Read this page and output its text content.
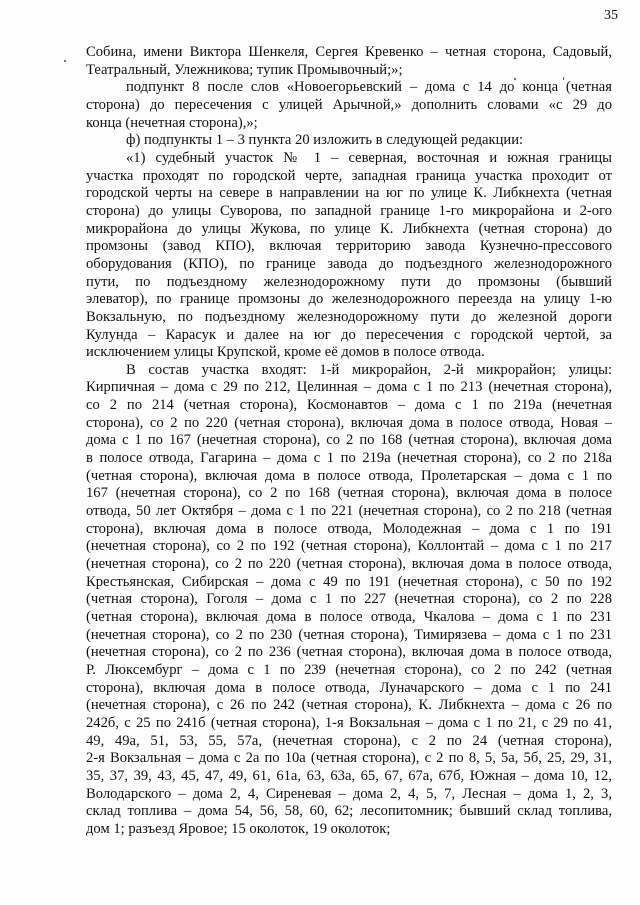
35
Собина, имени Виктора Шенкеля, Сергея Кревенко – четная сторона, Садовый,
Театральный, Улежникова; тупик Промывочный;»;
подпункт 8 после слов «Новоегорьевский – дома с 14 до конца (четная
сторона) до пересечения с улицей Арычной,» дополнить словами «с 29 до
конца (нечетная сторона),»;
ф) подпункты 1 – 3 пункта 20 изложить в следующей редакции:
«1) судебный участок № 1 – северная, восточная и южная границы
участка проходят по городской черте, западная граница участка проходит от
городской черты на севере в направлении на юг по улице К. Либкнехта (четная
сторона) до улицы Суворова, по западной границе 1-го микрорайона и 2-ого
микрорайона до улицы Жукова, по улице К. Либкнехта (четная сторона) до
промзоны (завод КПО), включая территорию завода Кузнечно-прессового
оборудования (КПО), по границе завода до подъездного железнодорожного
пути, по подъездному железнодорожному пути до промзоны (бывший
элеватор), по границе промзоны до железнодорожного переезда на улицу 1-ю
Вокзальную, по подъездному железнодорожному пути до железной дороги
Кулунда – Карасук и далее на юг до пересечения с городской чертой, за
исключением улицы Крупской, кроме её домов в полосе отвода.
В состав участка входят: 1-й микрорайон, 2-й микрорайон; улицы:
Кирпичная – дома с 29 по 212, Целинная – дома с 1 по 213 (нечетная сторона),
со 2 по 214 (четная сторона), Космонавтов – дома с 1 по 219а (нечетная
сторона), со 2 по 220 (четная сторона), включая дома в полосе отвода, Новая –
дома с 1 по 167 (нечетная сторона), со 2 по 168 (четная сторона), включая дома
в полосе отвода, Гагарина – дома с 1 по 219а (нечетная сторона), со 2 по 218а
(четная сторона), включая дома в полосе отвода, Пролетарская – дома с 1 по
167 (нечетная сторона), со 2 по 168 (четная сторона), включая дома в полосе
отвода, 50 лет Октября – дома с 1 по 221 (нечетная сторона), со 2 по 218 (четная
сторона), включая дома в полосе отвода, Молодежная – дома с 1 по 191
(нечетная сторона), со 2 по 192 (четная сторона), Коллонтай – дома с 1 по 217
(нечетная сторона), со 2 по 220 (четная сторона), включая дома в полосе отвода,
Крестьянская, Сибирская – дома с 49 по 191 (нечетная сторона), с 50 по 192
(четная сторона), Гоголя – дома с 1 по 227 (нечетная сторона), со 2 по 228
(четная сторона), включая дома в полосе отвода, Чкалова – дома с 1 по 231
(нечетная сторона), со 2 по 230 (четная сторона), Тимирязева – дома с 1 по 231
(нечетная сторона), со 2 по 236 (четная сторона), включая дома в полосе отвода,
Р. Люксембург – дома с 1 по 239 (нечетная сторона), со 2 по 242 (четная
сторона), включая дома в полосе отвода, Луначарского – дома с 1 по 241
(нечетная сторона), с 26 по 242 (четная сторона), К. Либкнехта – дома с 26 по
242б, с 25 по 241б (четная сторона), 1-я Вокзальная – дома с 1 по 21, с 29 по 41,
49, 49а, 51, 53, 55, 57а, (нечетная сторона), с 2 по 24 (четная сторона),
2-я Вокзальная – дома с 2а по 10а (четная сторона), с 2 по 8, 5, 5а, 5б, 25, 29, 31,
35, 37, 39, 43, 45, 47, 49, 61, 61а, 63, 63а, 65, 67, 67а, 67б, Южная – дома 10, 12,
Володарского – дома 2, 4, Сиреневая – дома 2, 4, 5, 7, Лесная – дома 1, 2, 3,
склад топлива – дома 54, 56, 58, 60, 62; лесопитомник; бывший склад топлива,
дом 1; разъезд Яровое; 15 околоток, 19 околоток;
